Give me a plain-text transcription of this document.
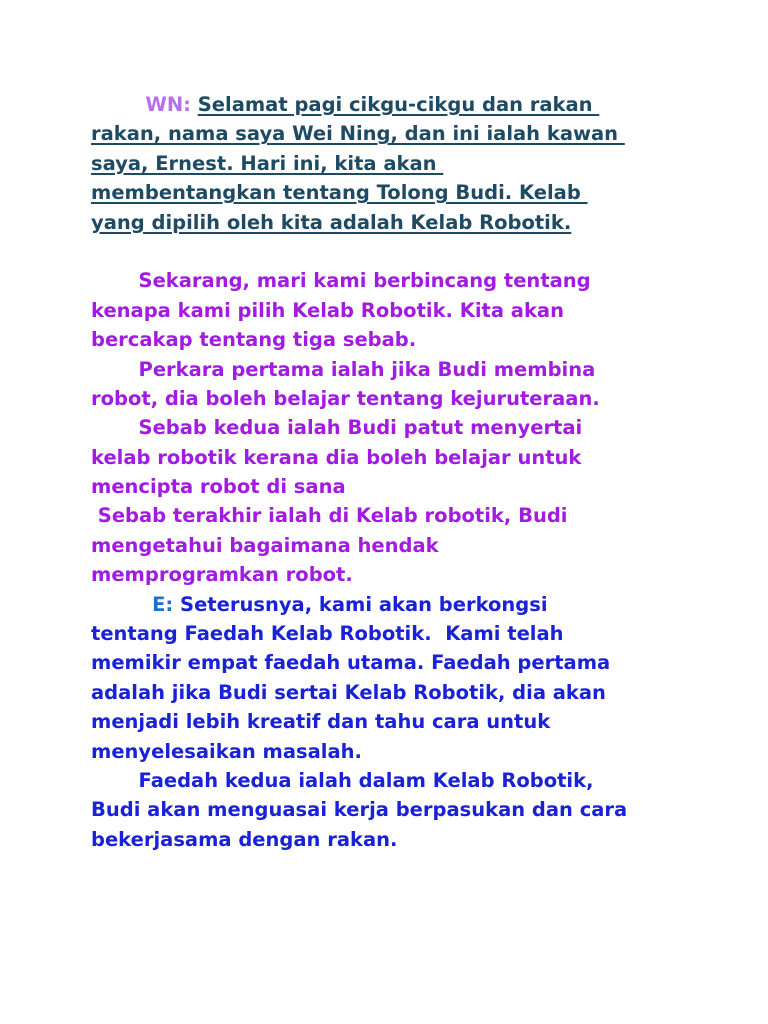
WN: Selamat pagi cikgu-cikgu dan rakan
rakan, nama saya Wei Ning, dan ini ialah kawan
saya, Ernest. Hari ini, kita akan
membentangkan tentang Tolong Budi. Kelab
yang dipilih oleh kita adalah Kelab Robotik.
Sekarang, mari kami berbincang tentang
kenapa kami pilih Kelab Robotik. Kita akan
bercakap tentang tiga sebab.
Perkara pertama ialah jika Budi membina
robot, dia boleh belajar tentang kejuruteraan.
Sebab kedua ialah Budi patut menyertai
kelab robotik kerana dia boleh belajar untuk
mencipta robot di sana
Sebab terakhir ialah di Kelab robotik, Budi
mengetahui bagaimana hendak
memprogramkan robot.
E: Seterusnya, kami akan berkongsi
tentang Faedah Kelab Robotik.  Kami telah
memikir empat faedah utama. Faedah pertama
adalah jika Budi sertai Kelab Robotik, dia akan
menjadi lebih kreatif dan tahu cara untuk
menyelesaikan masalah.
Faedah kedua ialah dalam Kelab Robotik,
Budi akan menguasai kerja berpasukan dan cara
bekerjasama dengan rakan.
